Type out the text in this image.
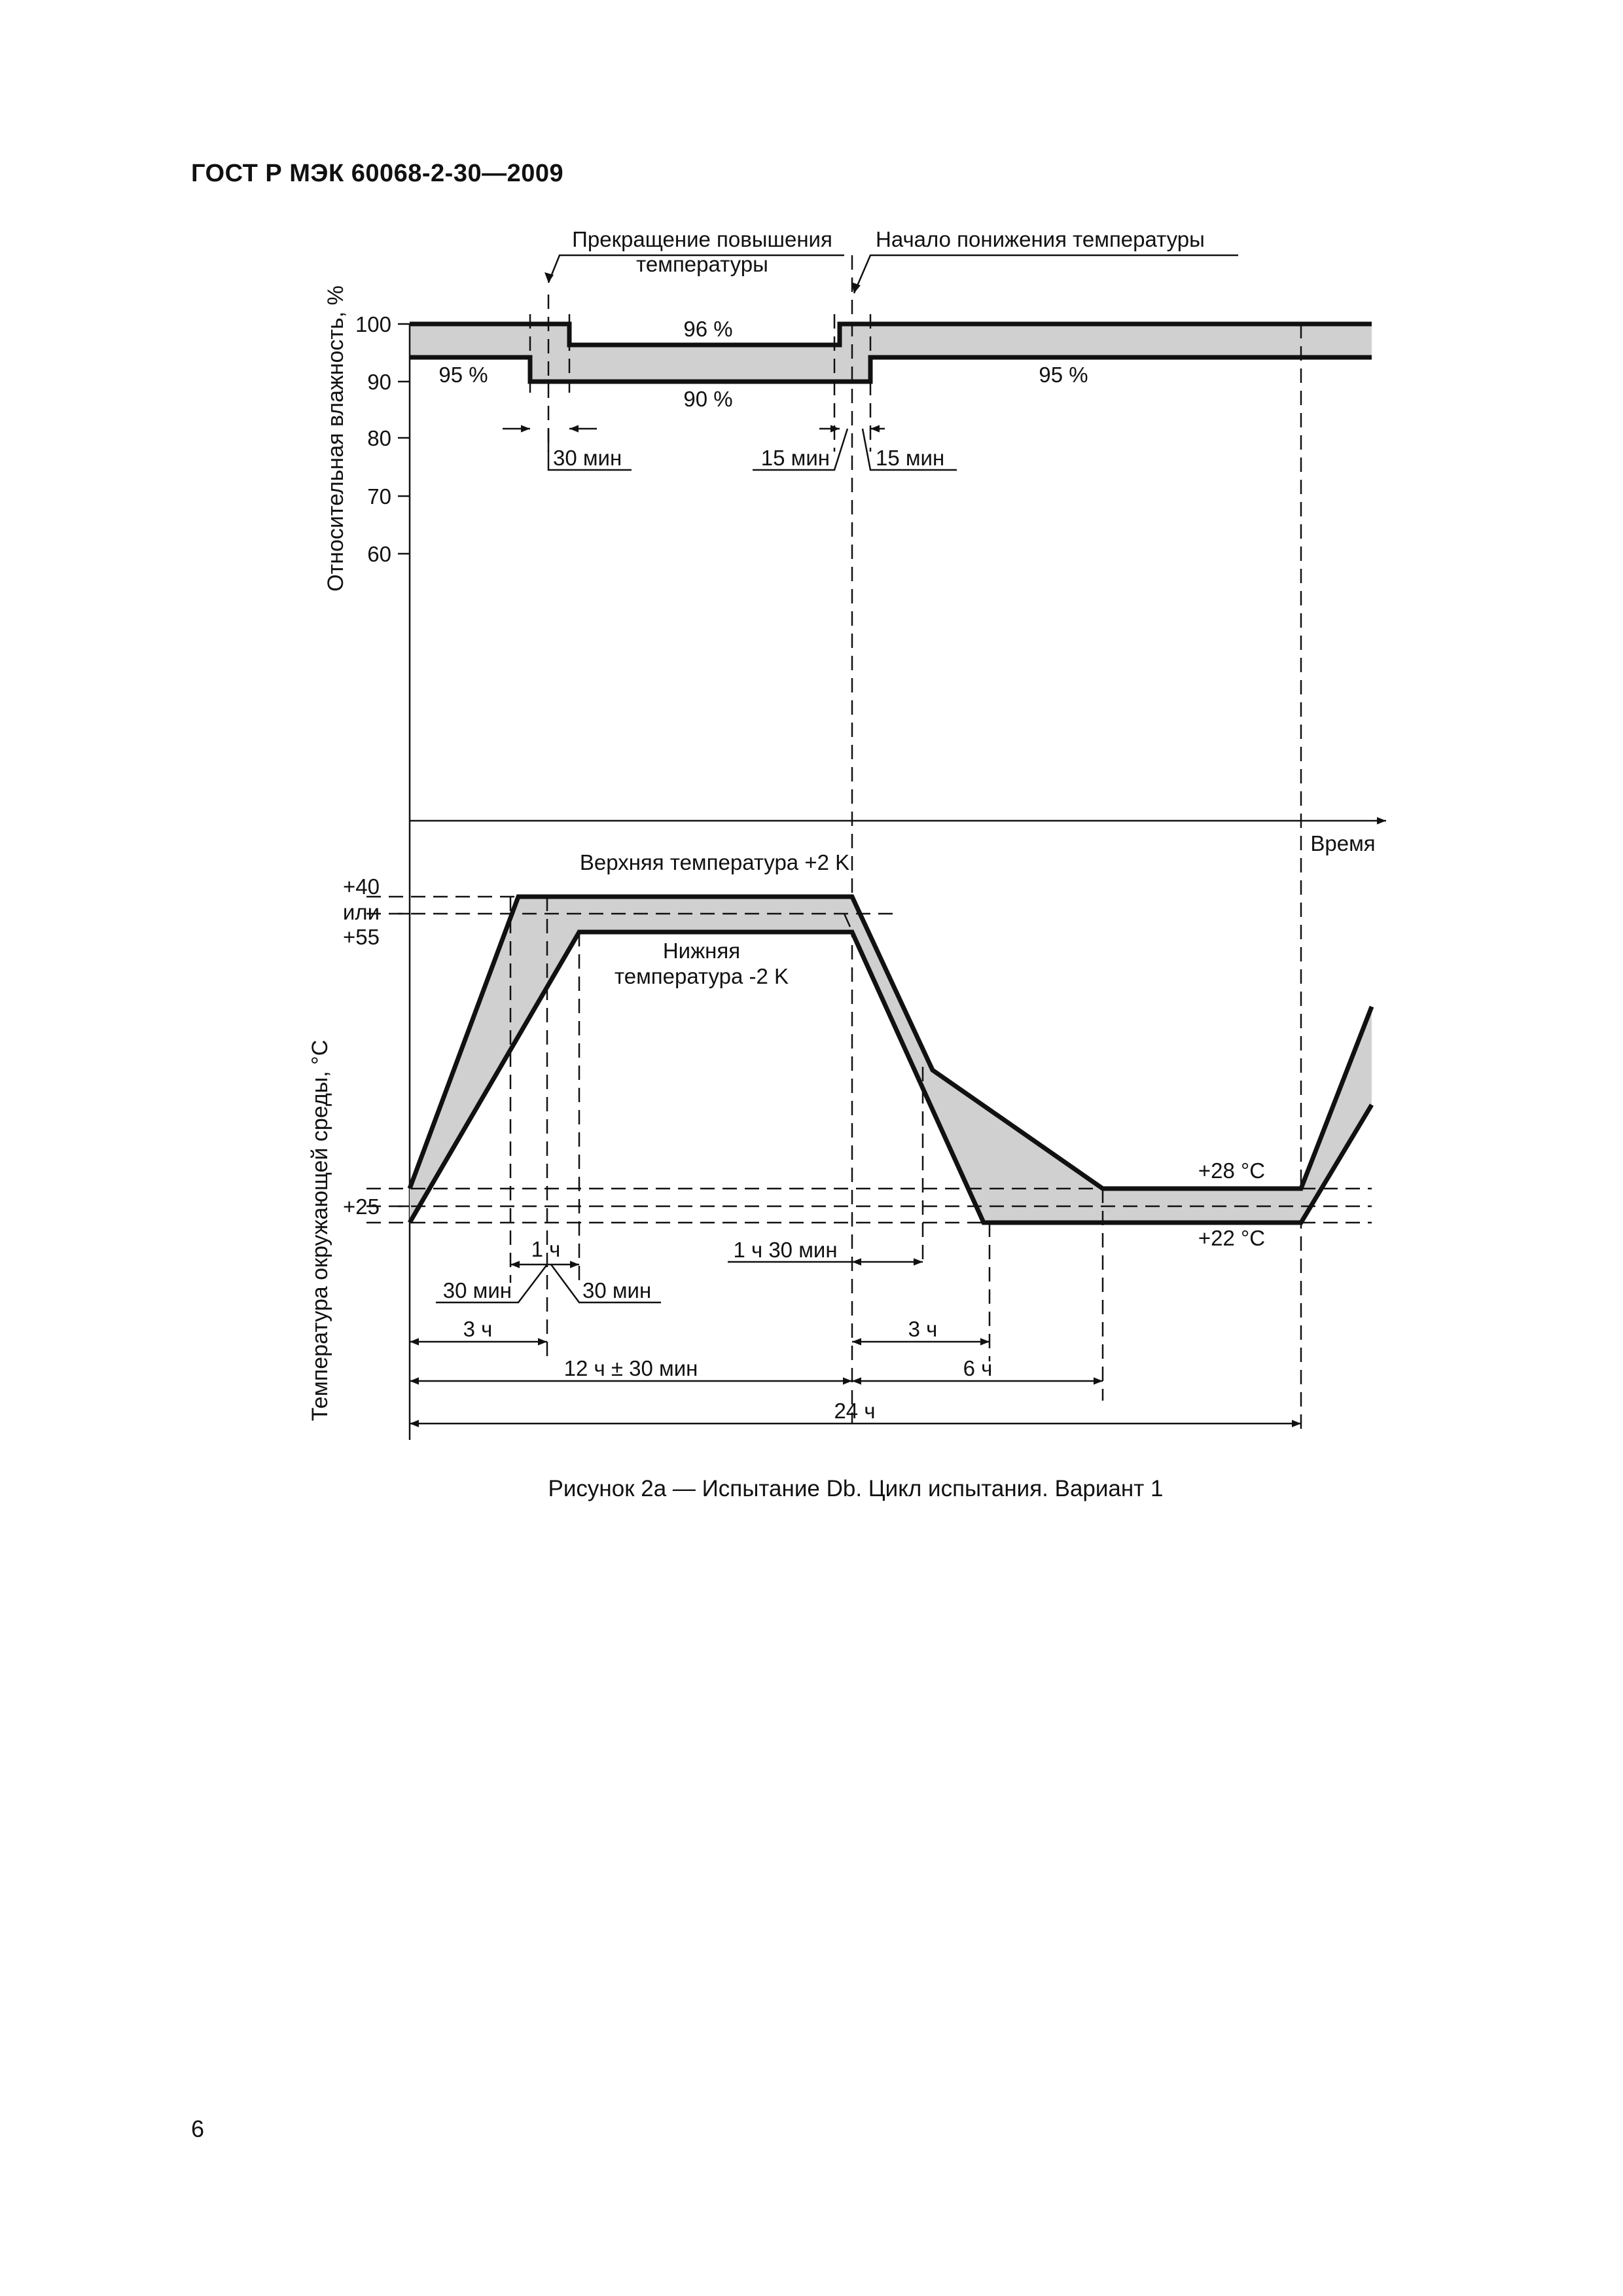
ГОСТ Р МЭК 60068-2-30—2009
100
90
80
70
60
Относительная влажность, %	95 %
96 %
90 %
95 %
Прекращение повышения
температуры
Начало понижения температуры
30 мин	15 мин 15 мин
Время
+40
или
+55
+25
Температура окружающей среды, °C
Верхняя температура +2 K
Нижняя
температура -2 K
+28 °C
+22 °C
1 ч
30 мин	30 мин
1 ч 30 мин
3 ч	3 ч
12 ч ± 30 мин	6 ч
24 ч
Рисунок 2а — Испытание Db. Цикл испытания. Вариант 1
6
